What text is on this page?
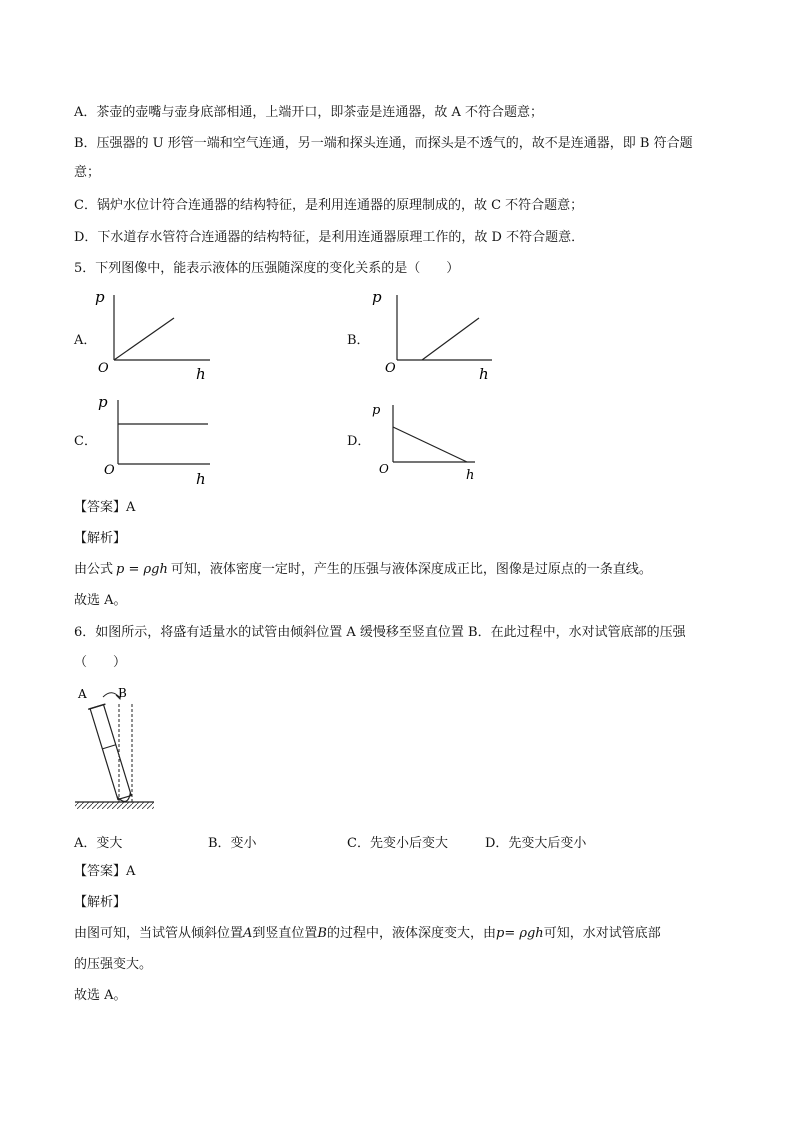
A．茶壶的壶嘴与壶身底部相通，上端开口，即茶壶是连通器，故 A 不符合题意；
B．压强器的 U 形管一端和空气连通，另一端和探头连通，而探头是不透气的，故不是连通器，即 B 符合题
意；
C．锅炉水位计符合连通器的结构特征，是利用连通器的原理制成的，故 C 不符合题意；
D．下水道存水管符合连通器的结构特征，是利用连通器原理工作的，故 D 不符合题意．
5．下列图像中，能表示液体的压强随深度的变化关系的是（　　）
A．
p
O	h
B．
p
O	h
C．
p
O	h
D．
p
O	h
【答案】A
【解析】
由公式 p = ρgh 可知，液体密度一定时，产生的压强与液体深度成正比，图像是过原点的一条直线。
故选 A。
6．如图所示，将盛有适量水的试管由倾斜位置 A 缓慢移至竖直位置 B．在此过程中，水对试管底部的压强
（　　）
A	B
A．变大	B．变小	C．先变小后变大	D．先变大后变小
【答案】A
【解析】
由图可知，当试管从倾斜位置A到竖直位置B的过程中，液体深度变大，由p= ρgh可知，水对试管底部
的压强变大。
故选 A。
